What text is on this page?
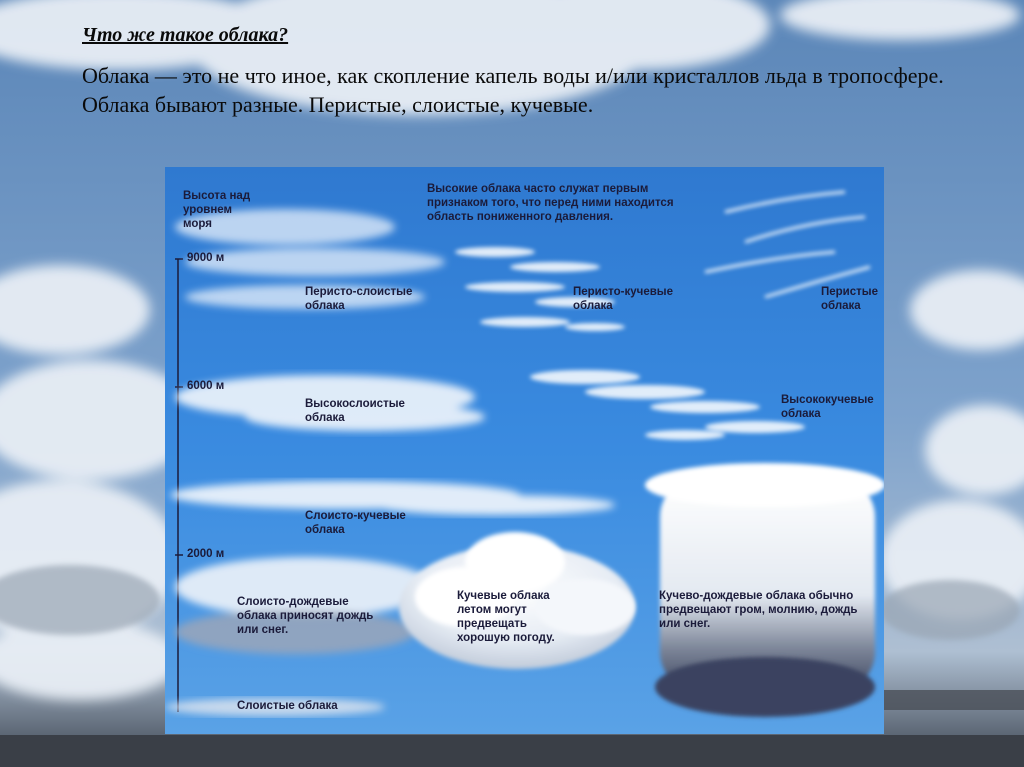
Что же такое облака?

Облака — это не что иное, как скопление капель воды и/или кристаллов льда в тропосфере.

Облака бывают разные. Перистые, слоистые, кучевые.

Высота над уровнем моря
9000 м
6000 м
2000 м
Высокие облака часто служат первым признаком того, что перед ними находится область пониженного давления.
Перисто-слоистые облака
Перисто-кучевые облака
Перистые облака
Высокослоистые облака
Высококучевые облака
Слоисто-кучевые облака
Слоисто-дождевые облака приносят дождь или снег.
Кучевые облака летом могут предвещать хорошую погоду.
Кучево-дождевые облака обычно предвещают гром, молнию, дождь или снег.
Слоистые облака
